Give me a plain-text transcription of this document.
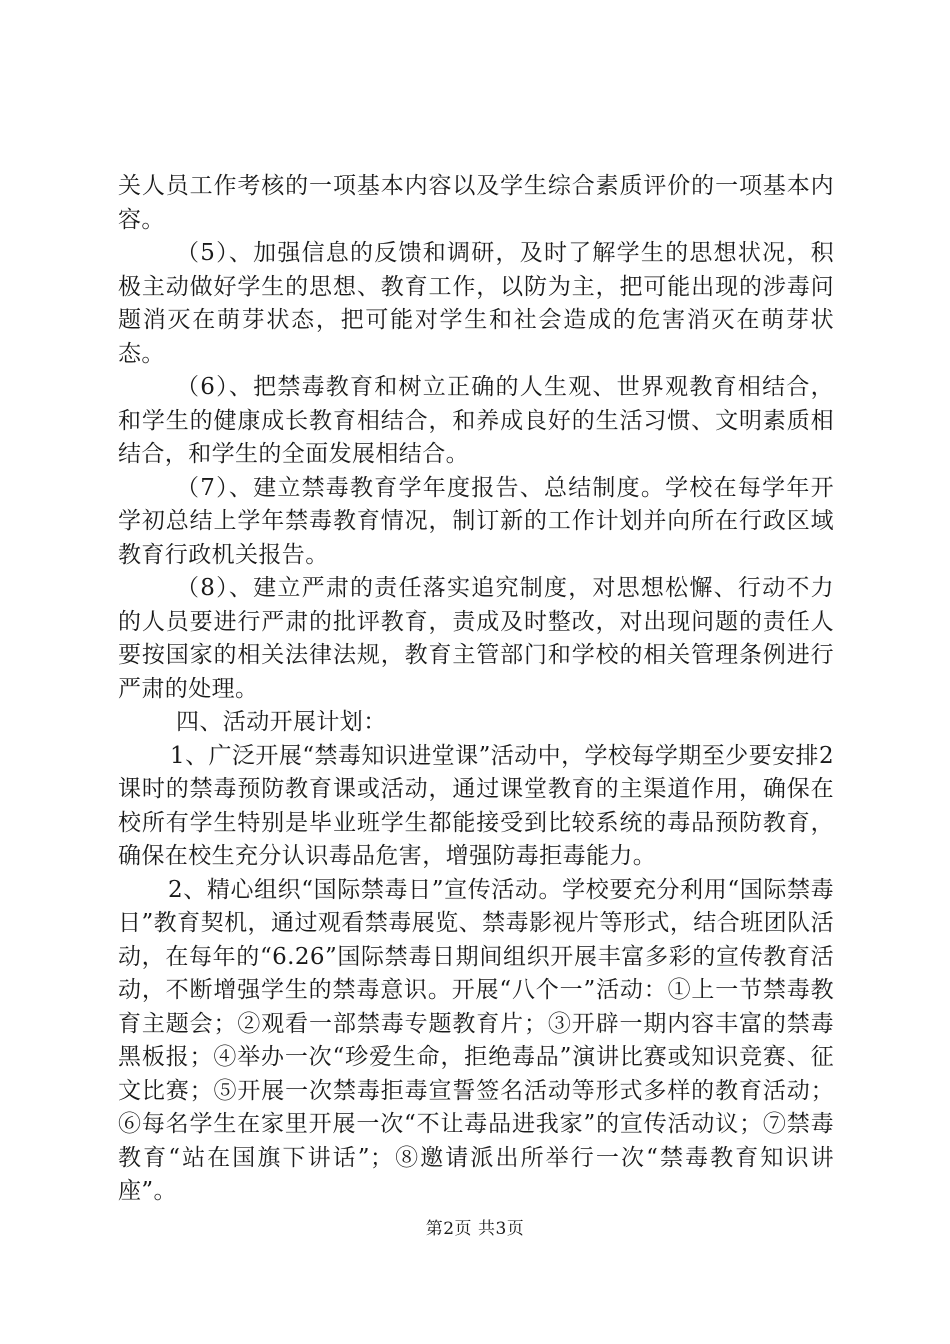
关人员工作考核的一项基本内容以及学生综合素质评价的一项基本内容。

（5）、加强信息的反馈和调研，及时了解学生的思想状况，积极主动做好学生的思想、教育工作，以防为主，把可能出现的涉毒问题消灭在萌芽状态，把可能对学生和社会造成的危害消灭在萌芽状态。

（6）、把禁毒教育和树立正确的人生观、世界观教育相结合，和学生的健康成长教育相结合，和养成良好的生活习惯、文明素质相结合，和学生的全面发展相结合。

（7）、建立禁毒教育学年度报告、总结制度。学校在每学年开学初总结上学年禁毒教育情况，制订新的工作计划并向所在行政区域教育行政机关报告。

（8）、建立严肃的责任落实追究制度，对思想松懈、行动不力的人员要进行严肃的批评教育，责成及时整改，对出现问题的责任人要按国家的相关法律法规，教育主管部门和学校的相关管理条例进行严肃的处理。

四、活动开展计划：

1、广泛开展“禁毒知识进堂课”活动中，学校每学期至少要安排2课时的禁毒预防教育课或活动，通过课堂教育的主渠道作用，确保在校所有学生特别是毕业班学生都能接受到比较系统的毒品预防教育，确保在校生充分认识毒品危害，增强防毒拒毒能力。

2、精心组织“国际禁毒日”宣传活动。学校要充分利用“国际禁毒日”教育契机，通过观看禁毒展览、禁毒影视片等形式，结合班团队活动，在每年的“6.26”国际禁毒日期间组织开展丰富多彩的宣传教育活动，不断增强学生的禁毒意识。开展“八个一”活动：①上一节禁毒教育主题会；②观看一部禁毒专题教育片；③开辟一期内容丰富的禁毒黑板报；④举办一次“珍爱生命，拒绝毒品”演讲比赛或知识竞赛、征文比赛；⑤开展一次禁毒拒毒宣誓签名活动等形式多样的教育活动；⑥每名学生在家里开展一次“不让毒品进我家”的宣传活动议；⑦禁毒教育“站在国旗下讲话”；⑧邀请派出所举行一次“禁毒教育知识讲座”。

第2页 共3页
